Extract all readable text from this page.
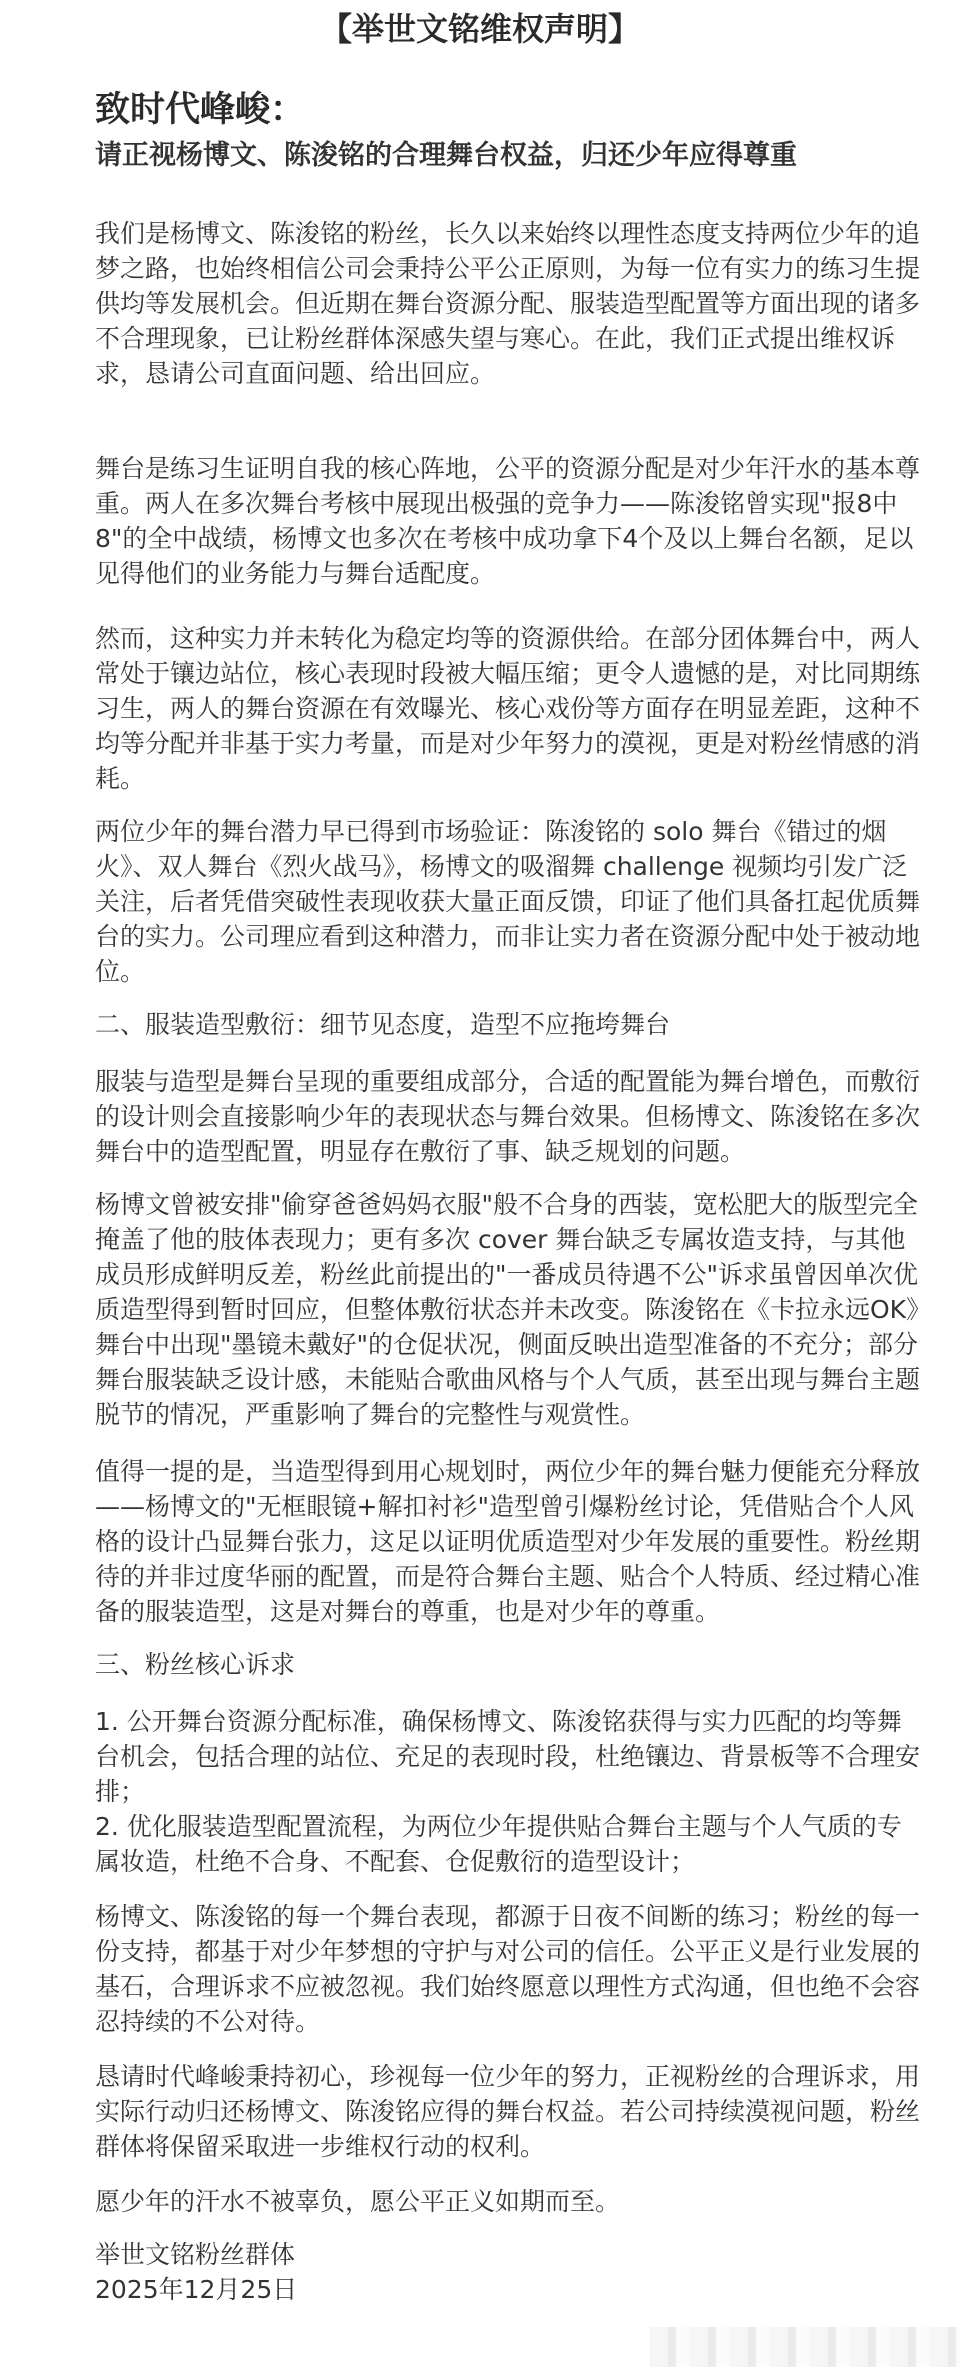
【举世文铭维权声明】
致时代峰峻：
请正视杨博文、陈浚铭的合理舞台权益，归还少年应得尊重

我们是杨博文、陈浚铭的粉丝，长久以来始终以理性态度支持两位少年的追梦之路，也始终相信公司会秉持公平公正原则，为每一位有实力的练习生提供均等发展机会。但近期在舞台资源分配、服装造型配置等方面出现的诸多不合理现象，已让粉丝群体深感失望与寒心。在此，我们正式提出维权诉求，恳请公司直面问题、给出回应。

舞台是练习生证明自我的核心阵地，公平的资源分配是对少年汗水的基本尊重。两人在多次舞台考核中展现出极强的竞争力——陈浚铭曾实现"报8中8"的全中战绩，杨博文也多次在考核中成功拿下4个及以上舞台名额，足以见得他们的业务能力与舞台适配度。

然而，这种实力并未转化为稳定均等的资源供给。在部分团体舞台中，两人常处于镶边站位，核心表现时段被大幅压缩；更令人遗憾的是，对比同期练习生，两人的舞台资源在有效曝光、核心戏份等方面存在明显差距，这种不均等分配并非基于实力考量，而是对少年努力的漠视，更是对粉丝情感的消耗。

两位少年的舞台潜力早已得到市场验证：陈浚铭的 solo 舞台《错过的烟火》、双人舞台《烈火战马》，杨博文的吸溜舞 challenge 视频均引发广泛关注，后者凭借突破性表现收获大量正面反馈，印证了他们具备扛起优质舞台的实力。公司理应看到这种潜力，而非让实力者在资源分配中处于被动地位。

二、服装造型敷衍：细节见态度，造型不应拖垮舞台

服装与造型是舞台呈现的重要组成部分，合适的配置能为舞台增色，而敷衍的设计则会直接影响少年的表现状态与舞台效果。但杨博文、陈浚铭在多次舞台中的造型配置，明显存在敷衍了事、缺乏规划的问题。

杨博文曾被安排"偷穿爸爸妈妈衣服"般不合身的西装，宽松肥大的版型完全掩盖了他的肢体表现力；更有多次 cover 舞台缺乏专属妆造支持，与其他成员形成鲜明反差，粉丝此前提出的"一番成员待遇不公"诉求虽曾因单次优质造型得到暂时回应，但整体敷衍状态并未改变。陈浚铭在《卡拉永远OK》舞台中出现"墨镜未戴好"的仓促状况，侧面反映出造型准备的不充分；部分舞台服装缺乏设计感，未能贴合歌曲风格与个人气质，甚至出现与舞台主题脱节的情况，严重影响了舞台的完整性与观赏性。

值得一提的是，当造型得到用心规划时，两位少年的舞台魅力便能充分释放——杨博文的"无框眼镜+解扣衬衫"造型曾引爆粉丝讨论，凭借贴合个人风格的设计凸显舞台张力，这足以证明优质造型对少年发展的重要性。粉丝期待的并非过度华丽的配置，而是符合舞台主题、贴合个人特质、经过精心准备的服装造型，这是对舞台的尊重，也是对少年的尊重。

三、粉丝核心诉求

1. 公开舞台资源分配标准，确保杨博文、陈浚铭获得与实力匹配的均等舞台机会，包括合理的站位、充足的表现时段，杜绝镶边、背景板等不合理安排；

2. 优化服装造型配置流程，为两位少年提供贴合舞台主题与个人气质的专属妆造，杜绝不合身、不配套、仓促敷衍的造型设计；

杨博文、陈浚铭的每一个舞台表现，都源于日夜不间断的练习；粉丝的每一份支持，都基于对少年梦想的守护与对公司的信任。公平正义是行业发展的基石，合理诉求不应被忽视。我们始终愿意以理性方式沟通，但也绝不会容忍持续的不公对待。

恳请时代峰峻秉持初心，珍视每一位少年的努力，正视粉丝的合理诉求，用实际行动归还杨博文、陈浚铭应得的舞台权益。若公司持续漠视问题，粉丝群体将保留采取进一步维权行动的权利。

愿少年的汗水不被辜负，愿公平正义如期而至。

举世文铭粉丝群体

2025年12月25日
